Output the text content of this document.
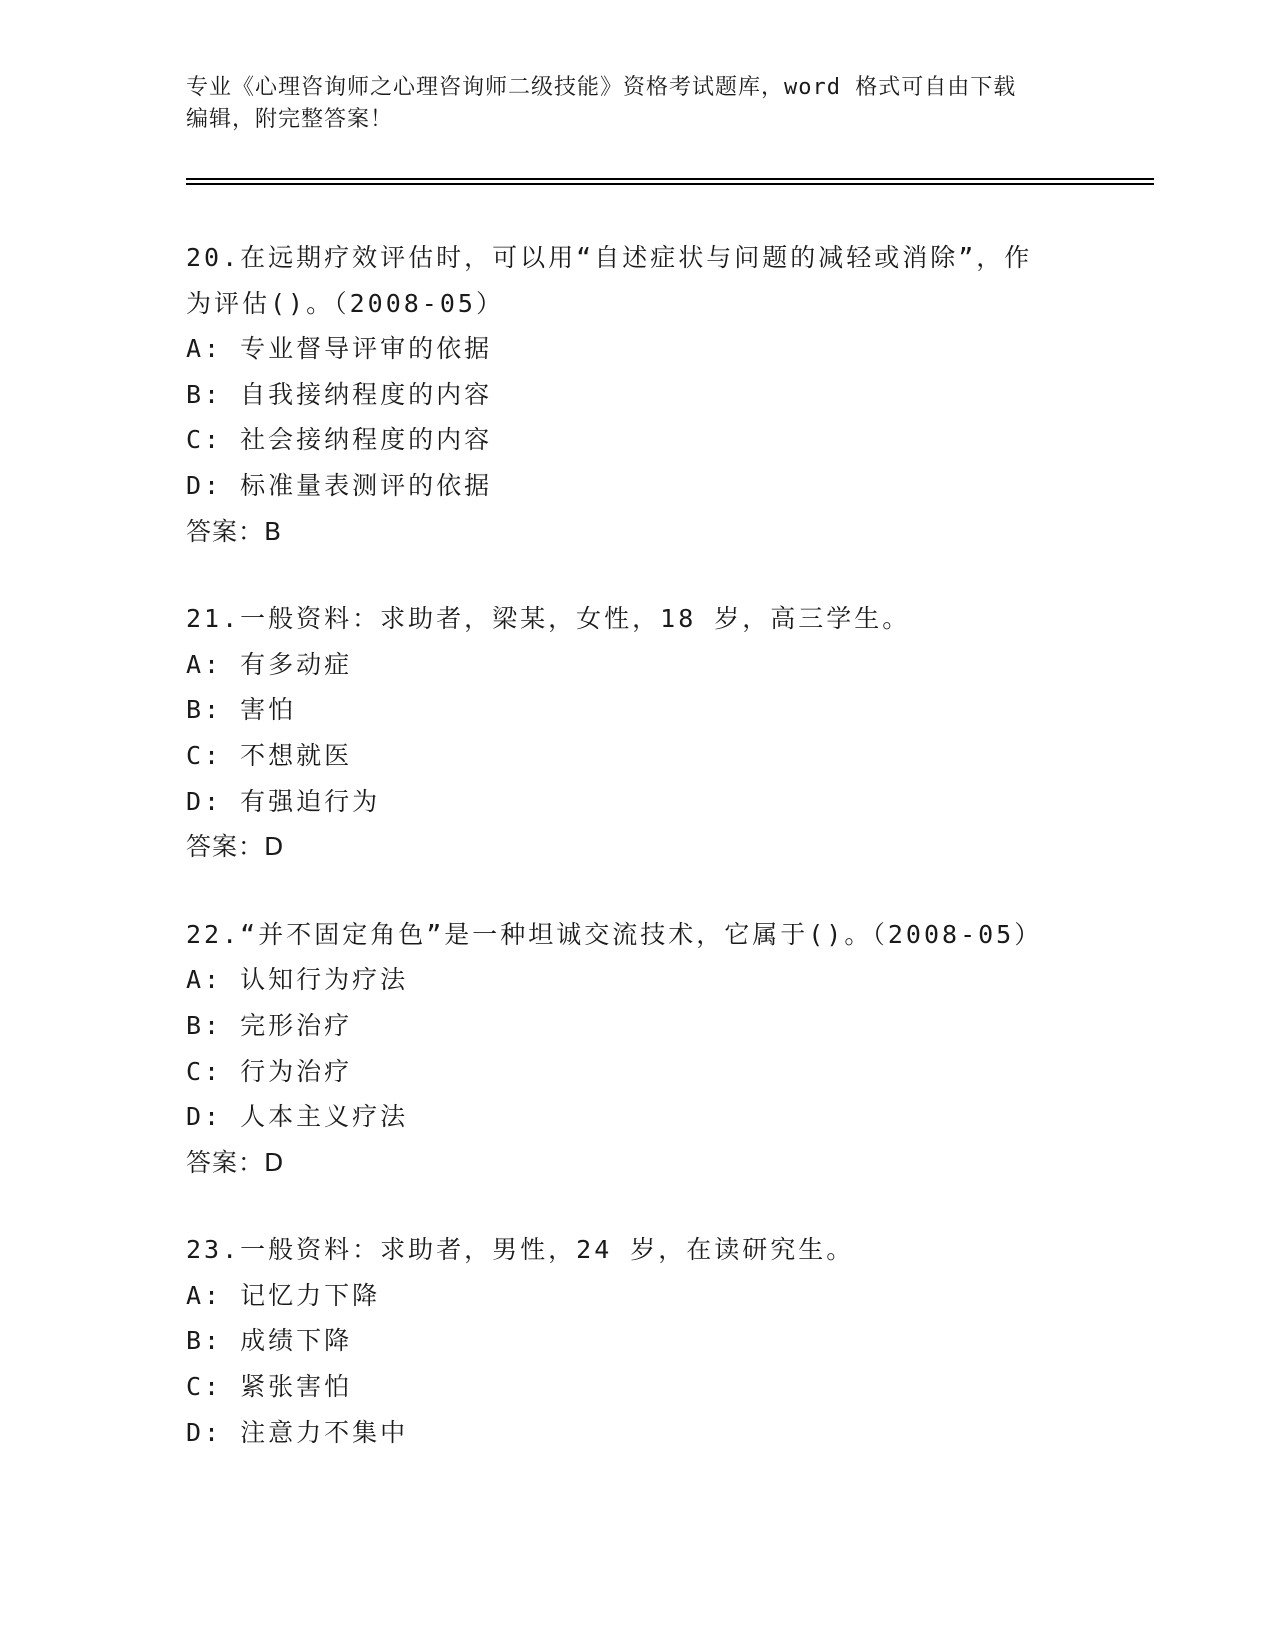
专业《心理咨询师之心理咨询师二级技能》资格考试题库，word 格式可自由下载
编辑，附完整答案！
20.在远期疗效评估时，可以用“自述症状与问题的减轻或消除”，作
为评估()。（2008-05）
A: 专业督导评审的依据
B: 自我接纳程度的内容
C: 社会接纳程度的内容
D: 标准量表测评的依据
答案：B
21.一般资料：求助者，梁某，女性，18 岁，高三学生。
A: 有多动症
B: 害怕
C: 不想就医
D: 有强迫行为
答案：D
22.“并不固定角色”是一种坦诚交流技术，它属于()。（2008-05）
A: 认知行为疗法
B: 完形治疗
C: 行为治疗
D: 人本主义疗法
答案：D
23.一般资料：求助者，男性，24 岁，在读研究生。
A: 记忆力下降
B: 成绩下降
C: 紧张害怕
D: 注意力不集中
